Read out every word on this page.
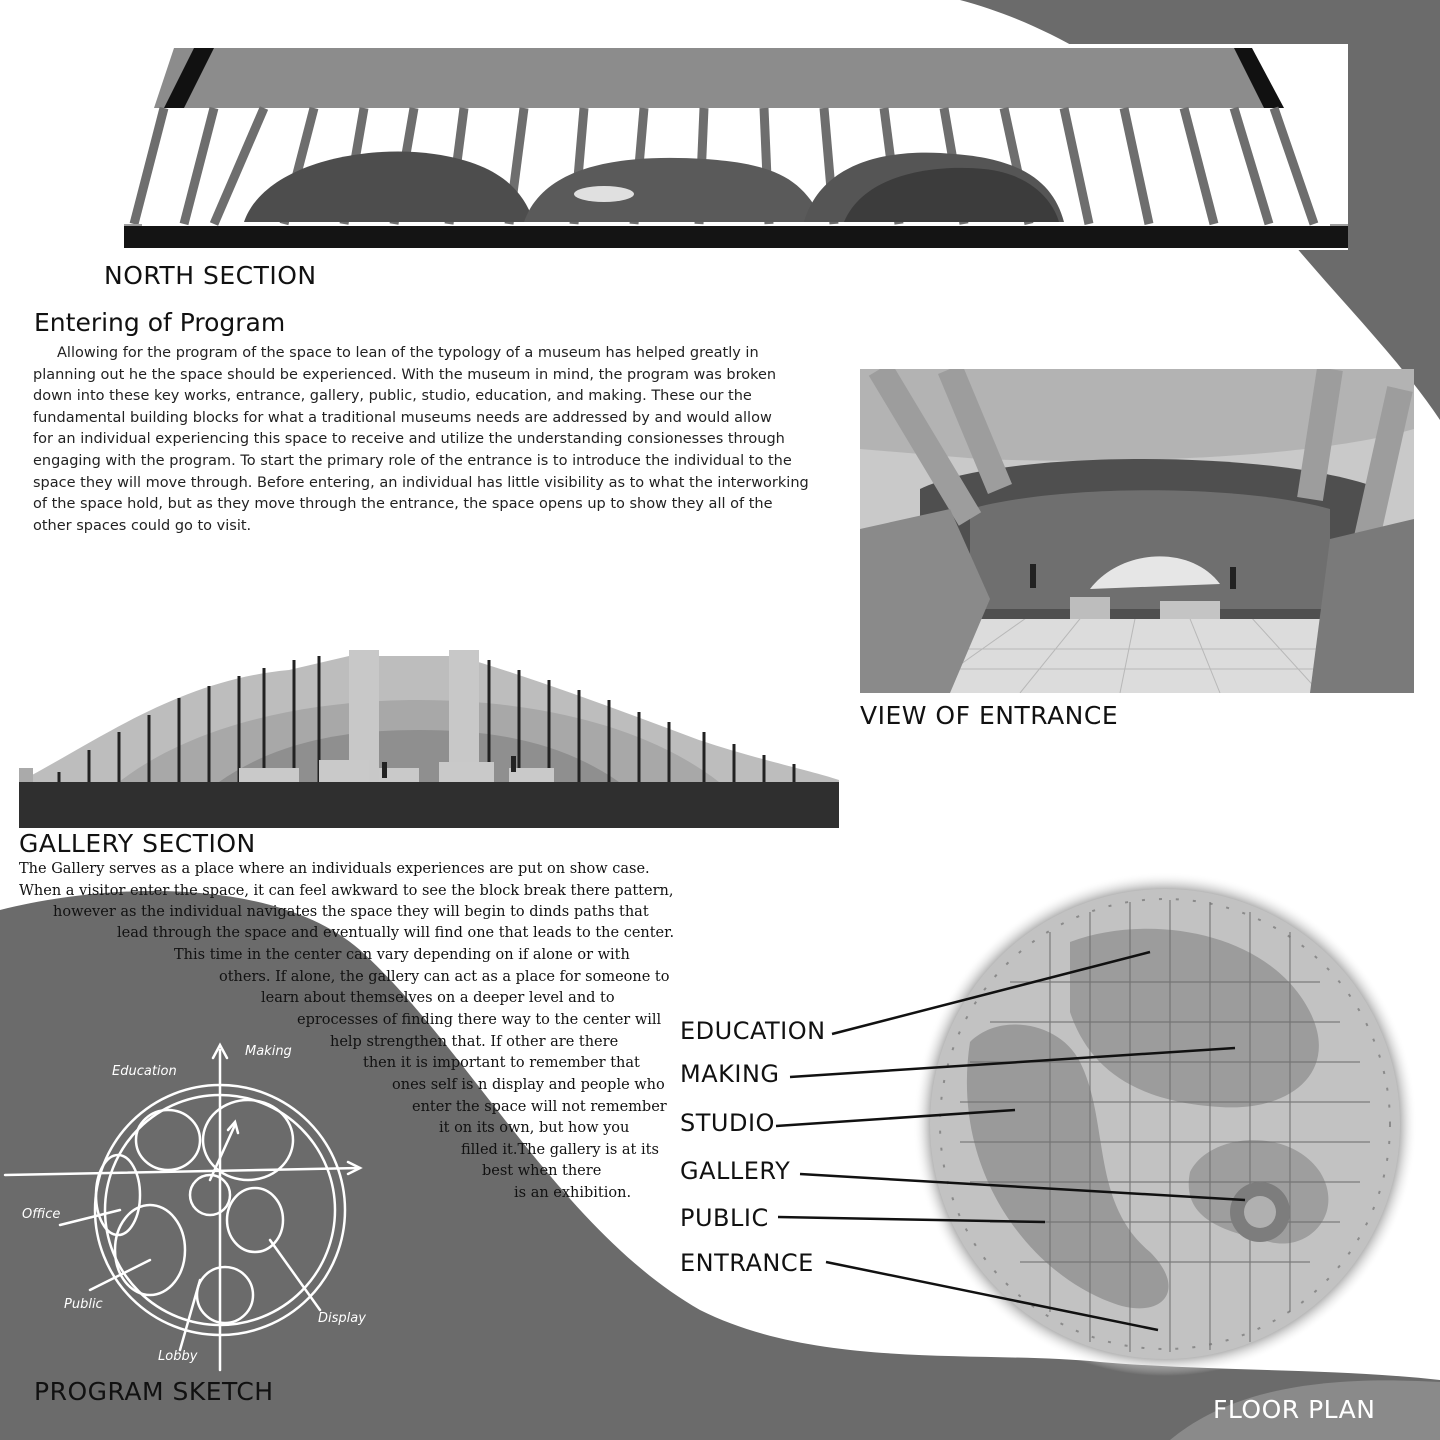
NORTH SECTION
Entering of Program

Allowing for the program of the space to lean of the typology of a museum has helped greatly in

planning out he the space should be experienced. With the museum in mind, the program was broken

down into these key works, entrance, gallery, public, studio, education, and making. These our the

fundamental building blocks for what a traditional museums needs are addressed by and would allow

for an individual experiencing this space to receive and utilize the understanding consionesses through

engaging with the program. To start the primary role of the entrance is to introduce the individual to the

space they will move through. Before entering, an individual has little visibility as to what the interworking

of the space hold, but as they move through the entrance, the space opens up to show they all of the

other spaces could go to visit.

VIEW OF ENTRANCE
GALLERY SECTION
The Gallery serves as a place where an individuals experiences are put on show case.
When a visitor enter the space, it can feel awkward to see the block break there pattern,
however as the individual navigates the space they will begin to dinds paths that
lead through the space and eventually will find one that leads to the center.
This time in the center can vary depending on if alone or with
others. If alone, the gallery can act as a place for someone to
learn about themselves on a deeper level and to
eprocesses of finding there way to the center will
help strengthen that. If other are there
then it is important to remember that
ones self is n display and people who
enter the space will not remember
it on its own, but how you
filled it.The gallery is at its
best when there
is an exhibition.
Education
Making
Office
Public
Lobby
Display
PROGRAM SKETCH
EDUCATION
MAKING
STUDIO
GALLERY
PUBLIC
ENTRANCE
FLOOR PLAN
